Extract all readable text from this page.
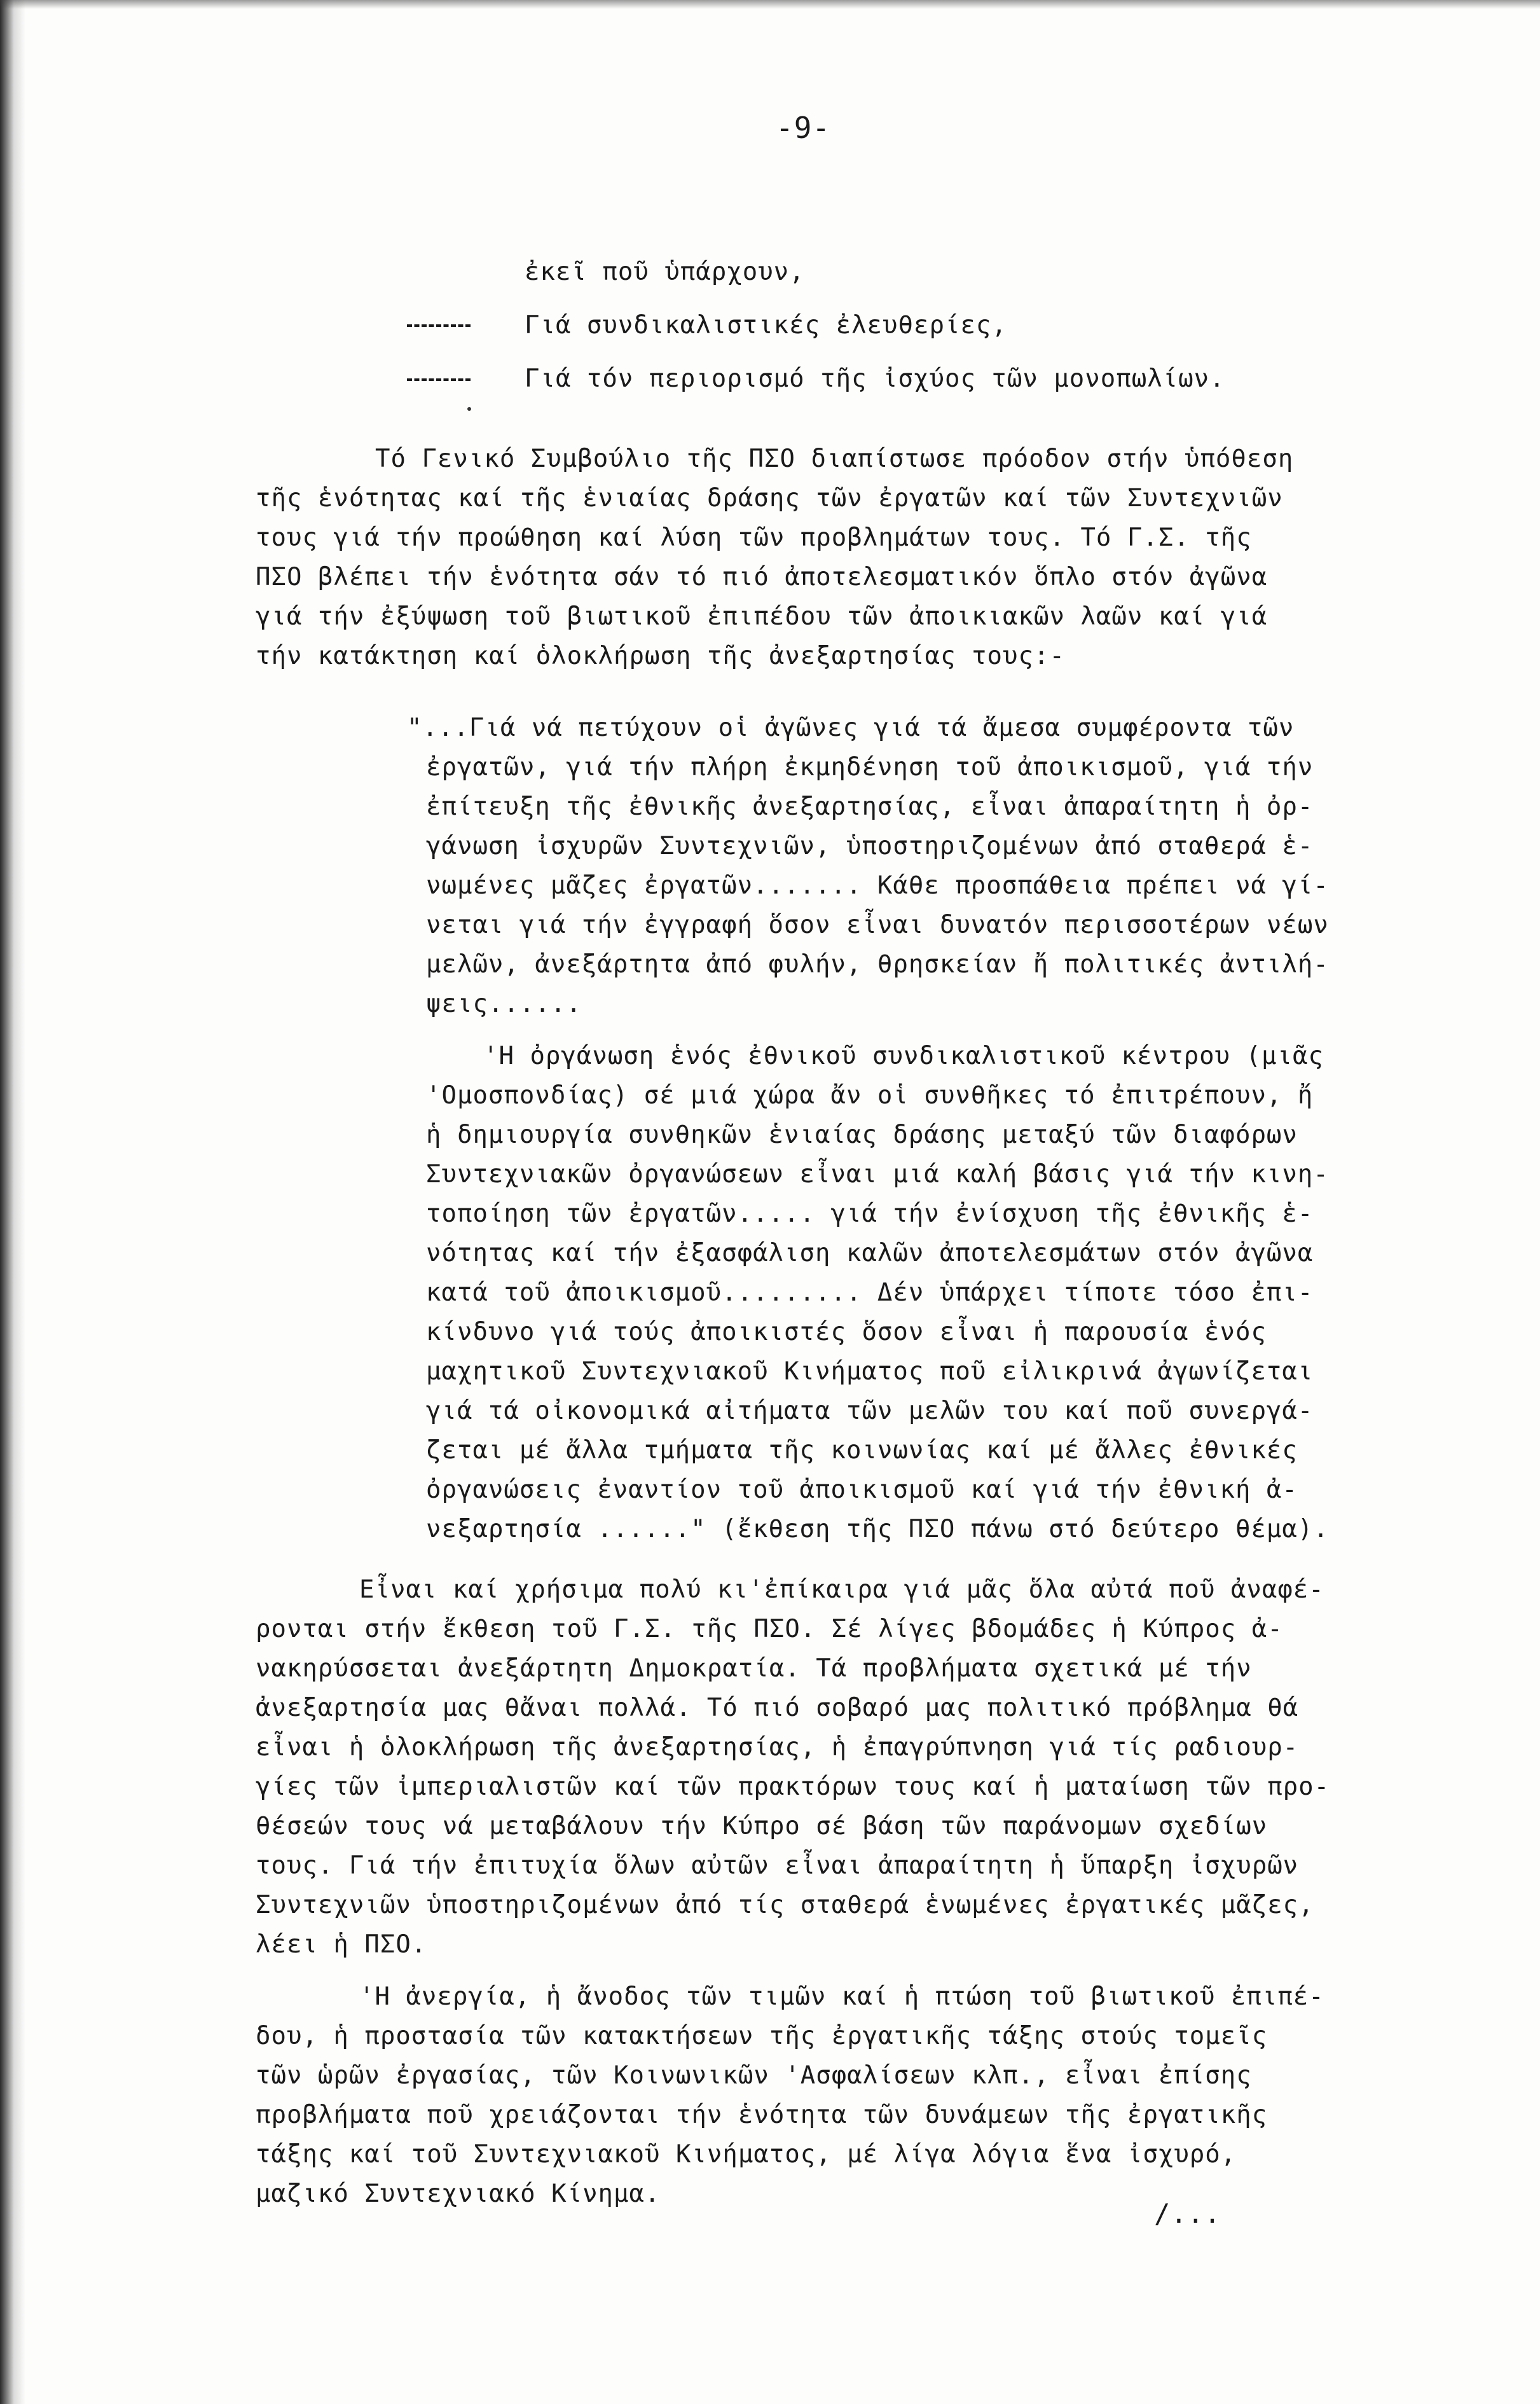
-9-
ἐκεῖ ποῦ ὑπάρχουν,
Γιά συνδικαλιστικές ἐλευθερίες,
Γιά τόν περιορισμό τῆς ἰσχύος τῶν μονοπωλίων.
Τό Γενικό Συμβούλιο τῆς ΠΣΟ διαπίστωσε πρόοδον στήν ὑπόθεση
τῆς ἑνότητας καί τῆς ἑνιαίας δράσης τῶν ἐργατῶν καί τῶν Συντεχνιῶν
τους γιά τήν προώθηση καί λύση τῶν προβλημάτων τους. Τό Γ.Σ. τῆς
ΠΣΟ βλέπει τήν ἑνότητα σάν τό πιό ἀποτελεσματικόν ὅπλο στόν ἀγῶνα
γιά τήν ἐξύψωση τοῦ βιωτικοῦ ἐπιπέδου τῶν ἀποικιακῶν λαῶν καί γιά
τήν κατάκτηση καί ὁλοκλήρωση τῆς ἀνεξαρτησίας τους:-
"...Γιά νά πετύχουν οἱ ἀγῶνες γιά τά ἄμεσα συμφέροντα τῶν
ἐργατῶν, γιά τήν πλήρη ἐκμηδένηση τοῦ ἀποικισμοῦ, γιά τήν
ἐπίτευξη τῆς ἐθνικῆς ἀνεξαρτησίας, εἶναι ἀπαραίτητη ἡ ὀρ-
γάνωση ἰσχυρῶν Συντεχνιῶν, ὑποστηριζομένων ἀπό σταθερά ἑ-
νωμένες μᾶζες ἐργατῶν....... Κάθε προσπάθεια πρέπει νά γί-
νεται γιά τήν ἐγγραφή ὅσον εἶναι δυνατόν περισσοτέρων νέων
μελῶν, ἀνεξάρτητα ἀπό φυλήν, θρησκείαν ἤ πολιτικές ἀντιλή-
ψεις......
'Η ὀργάνωση ἑνός ἐθνικοῦ συνδικαλιστικοῦ κέντρου (μιᾶς
'Ομοσπονδίας) σέ μιά χώρα ἄν οἱ συνθῆκες τό ἐπιτρέπουν, ἤ
ἡ δημιουργία συνθηκῶν ἑνιαίας δράσης μεταξύ τῶν διαφόρων
Συντεχνιακῶν ὀργανώσεων εἶναι μιά καλή βάσις γιά τήν κινη-
τοποίηση τῶν ἐργατῶν..... γιά τήν ἐνίσχυση τῆς ἐθνικῆς ἑ-
νότητας καί τήν ἐξασφάλιση καλῶν ἀποτελεσμάτων στόν ἀγῶνα
κατά τοῦ ἀποικισμοῦ......... Δέν ὑπάρχει τίποτε τόσο ἐπι-
κίνδυνο γιά τούς ἀποικιστές ὅσον εἶναι ἡ παρουσία ἑνός
μαχητικοῦ Συντεχνιακοῦ Κινήματος ποῦ εἰλικρινά ἀγωνίζεται
γιά τά οἰκονομικά αἰτήματα τῶν μελῶν του καί ποῦ συνεργά-
ζεται μέ ἄλλα τμήματα τῆς κοινωνίας καί μέ ἄλλες ἐθνικές
ὀργανώσεις ἐναντίον τοῦ ἀποικισμοῦ καί γιά τήν ἐθνική ἀ-
νεξαρτησία ......" (ἔκθεση τῆς ΠΣΟ πάνω στό δεύτερο θέμα).
Εἶναι καί χρήσιμα πολύ κι'ἐπίκαιρα γιά μᾶς ὅλα αὐτά ποῦ ἀναφέ-
ρονται στήν ἔκθεση τοῦ Γ.Σ. τῆς ΠΣΟ. Σέ λίγες βδομάδες ἡ Κύπρος ἀ-
νακηρύσσεται ἀνεξάρτητη Δημοκρατία. Τά προβλήματα σχετικά μέ τήν
ἀνεξαρτησία μας θἄναι πολλά. Τό πιό σοβαρό μας πολιτικό πρόβλημα θά
εἶναι ἡ ὁλοκλήρωση τῆς ἀνεξαρτησίας, ἡ ἐπαγρύπνηση γιά τίς ραδιουρ-
γίες τῶν ἰμπεριαλιστῶν καί τῶν πρακτόρων τους καί ἡ ματαίωση τῶν προ-
θέσεών τους νά μεταβάλουν τήν Κύπρο σέ βάση τῶν παράνομων σχεδίων
τους. Γιά τήν ἐπιτυχία ὅλων αὐτῶν εἶναι ἀπαραίτητη ἡ ὕπαρξη ἰσχυρῶν
Συντεχνιῶν ὑποστηριζομένων ἀπό τίς σταθερά ἑνωμένες ἐργατικές μᾶζες,
λέει ἡ ΠΣΟ.
'Η ἀνεργία, ἡ ἄνοδος τῶν τιμῶν καί ἡ πτώση τοῦ βιωτικοῦ ἐπιπέ-
δου, ἡ προστασία τῶν κατακτήσεων τῆς ἐργατικῆς τάξης στούς τομεῖς
τῶν ὡρῶν ἐργασίας, τῶν Κοινωνικῶν 'Ασφαλίσεων κλπ., εἶναι ἐπίσης
προβλήματα ποῦ χρειάζονται τήν ἑνότητα τῶν δυνάμεων τῆς ἐργατικῆς
τάξης καί τοῦ Συντεχνιακοῦ Κινήματος, μέ λίγα λόγια ἕνα ἰσχυρό,
μαζικό Συντεχνιακό Κίνημα.
/...
